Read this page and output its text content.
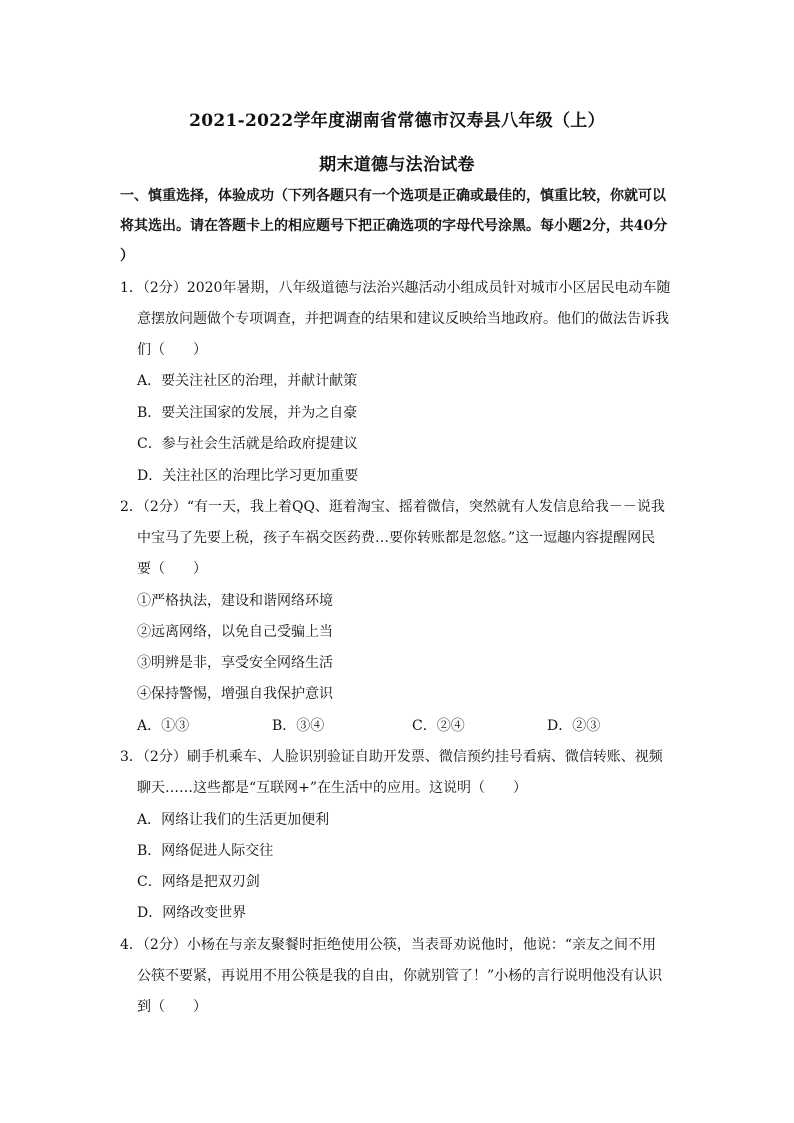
2021-2022学年度湖南省常德市汉寿县八年级（上）
期末道德与法治试卷
一、慎重选择，体验成功（下列各题只有一个选项是正确或最佳的，慎重比较，你就可以
将其选出。请在答题卡上的相应题号下把正确选项的字母代号涂黑。每小题2分，共40分
）
1．（2分）2020年暑期，八年级道德与法治兴趣活动小组成员针对城市小区居民电动车随
意摆放问题做个专项调查，并把调查的结果和建议反映给当地政府。他们的做法告诉我
们（　　）
A．要关注社区的治理，并献计献策
B．要关注国家的发展，并为之自豪
C．参与社会生活就是给政府提建议
D．关注社区的治理比学习更加重要
2．（2分）“有一天，我上着QQ、逛着淘宝、摇着微信，突然就有人发信息给我－－说我
中宝马了先要上税，孩子车祸交医药费…要你转账都是忽悠。”这一逗趣内容提醒网民
要（　　）
①严格执法，建设和谐网络环境
②远离网络，以免自己受骗上当
③明辨是非，享受安全网络生活
④保持警惕，增强自我保护意识
A．①③	B．③④	C．②④	D．②③
3．（2分）刷手机乘车、人脸识别验证自助开发票、微信预约挂号看病、微信转账、视频
聊天……这些都是“互联网+”在生活中的应用。这说明（　　）
A．网络让我们的生活更加便利
B．网络促进人际交往
C．网络是把双刃剑
D．网络改变世界
4．（2分）小杨在与亲友聚餐时拒绝使用公筷，当表哥劝说他时，他说：“亲友之间不用
公筷不要紧，再说用不用公筷是我的自由，你就别管了！”小杨的言行说明他没有认识
到（　　）
